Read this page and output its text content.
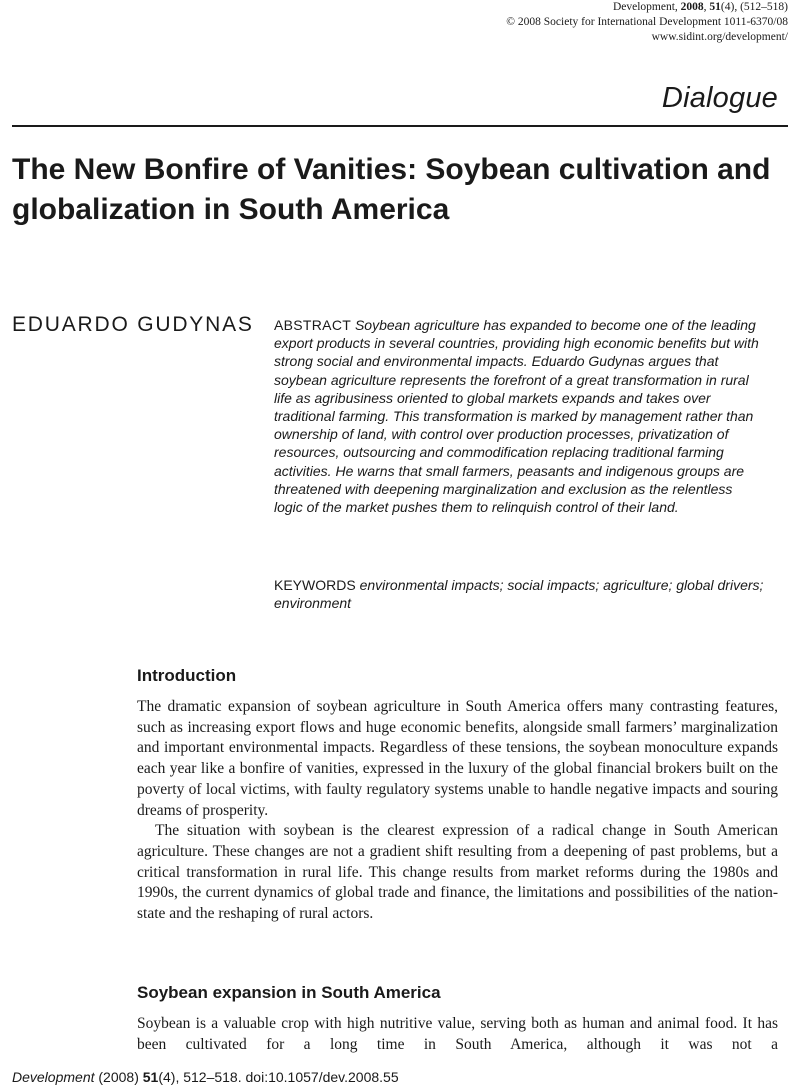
Development, 2008, 51(4), (512–518)
© 2008 Society for International Development 1011-6370/08
www.sidint.org/development/
Dialogue
The New Bonfire of Vanities: Soybean cultivation and globalization in South America
EDUARDO GUDYNAS ABSTRACT Soybean agriculture has expanded to become one of the leading export products in several countries, providing high economic benefits but with strong social and environmental impacts. Eduardo Gudynas argues that soybean agriculture represents the forefront of a great transformation in rural life as agribusiness oriented to global markets expands and takes over traditional farming. This transformation is marked by management rather than ownership of land, with control over production processes, privatization of resources, outsourcing and commodification replacing traditional farming activities. He warns that small farmers, peasants and indigenous groups are threatened with deepening marginalization and exclusion as the relentless logic of the market pushes them to relinquish control of their land.

KEYWORDS environmental impacts; social impacts; agriculture; global drivers; environment

Introduction

The dramatic expansion of soybean agriculture in South America offers many contrasting features, such as increasing export flows and huge economic benefits, alongside small farmers’ marginalization and important environmental impacts. Regardless of these tensions, the soybean monoculture expands each year like a bonfire of vanities, expressed in the luxury of the global financial brokers built on the poverty of local victims, with faulty regulatory systems unable to handle negative impacts and souring dreams of prosperity.

The situation with soybean is the clearest expression of a radical change in South American agriculture. These changes are not a gradient shift resulting from a deepening of past problems, but a critical transformation in rural life. This change results from market reforms during the 1980s and 1990s, the current dynamics of global trade and finance, the limitations and possibilities of the nation-state and the reshaping of rural actors.

Soybean expansion in South America

Soybean is a valuable crop with high nutritive value, serving both as human and animal food. It has been cultivated for a long time in South America, although it was not a

Development (2008) 51(4), 512–518. doi:10.1057/dev.2008.55
